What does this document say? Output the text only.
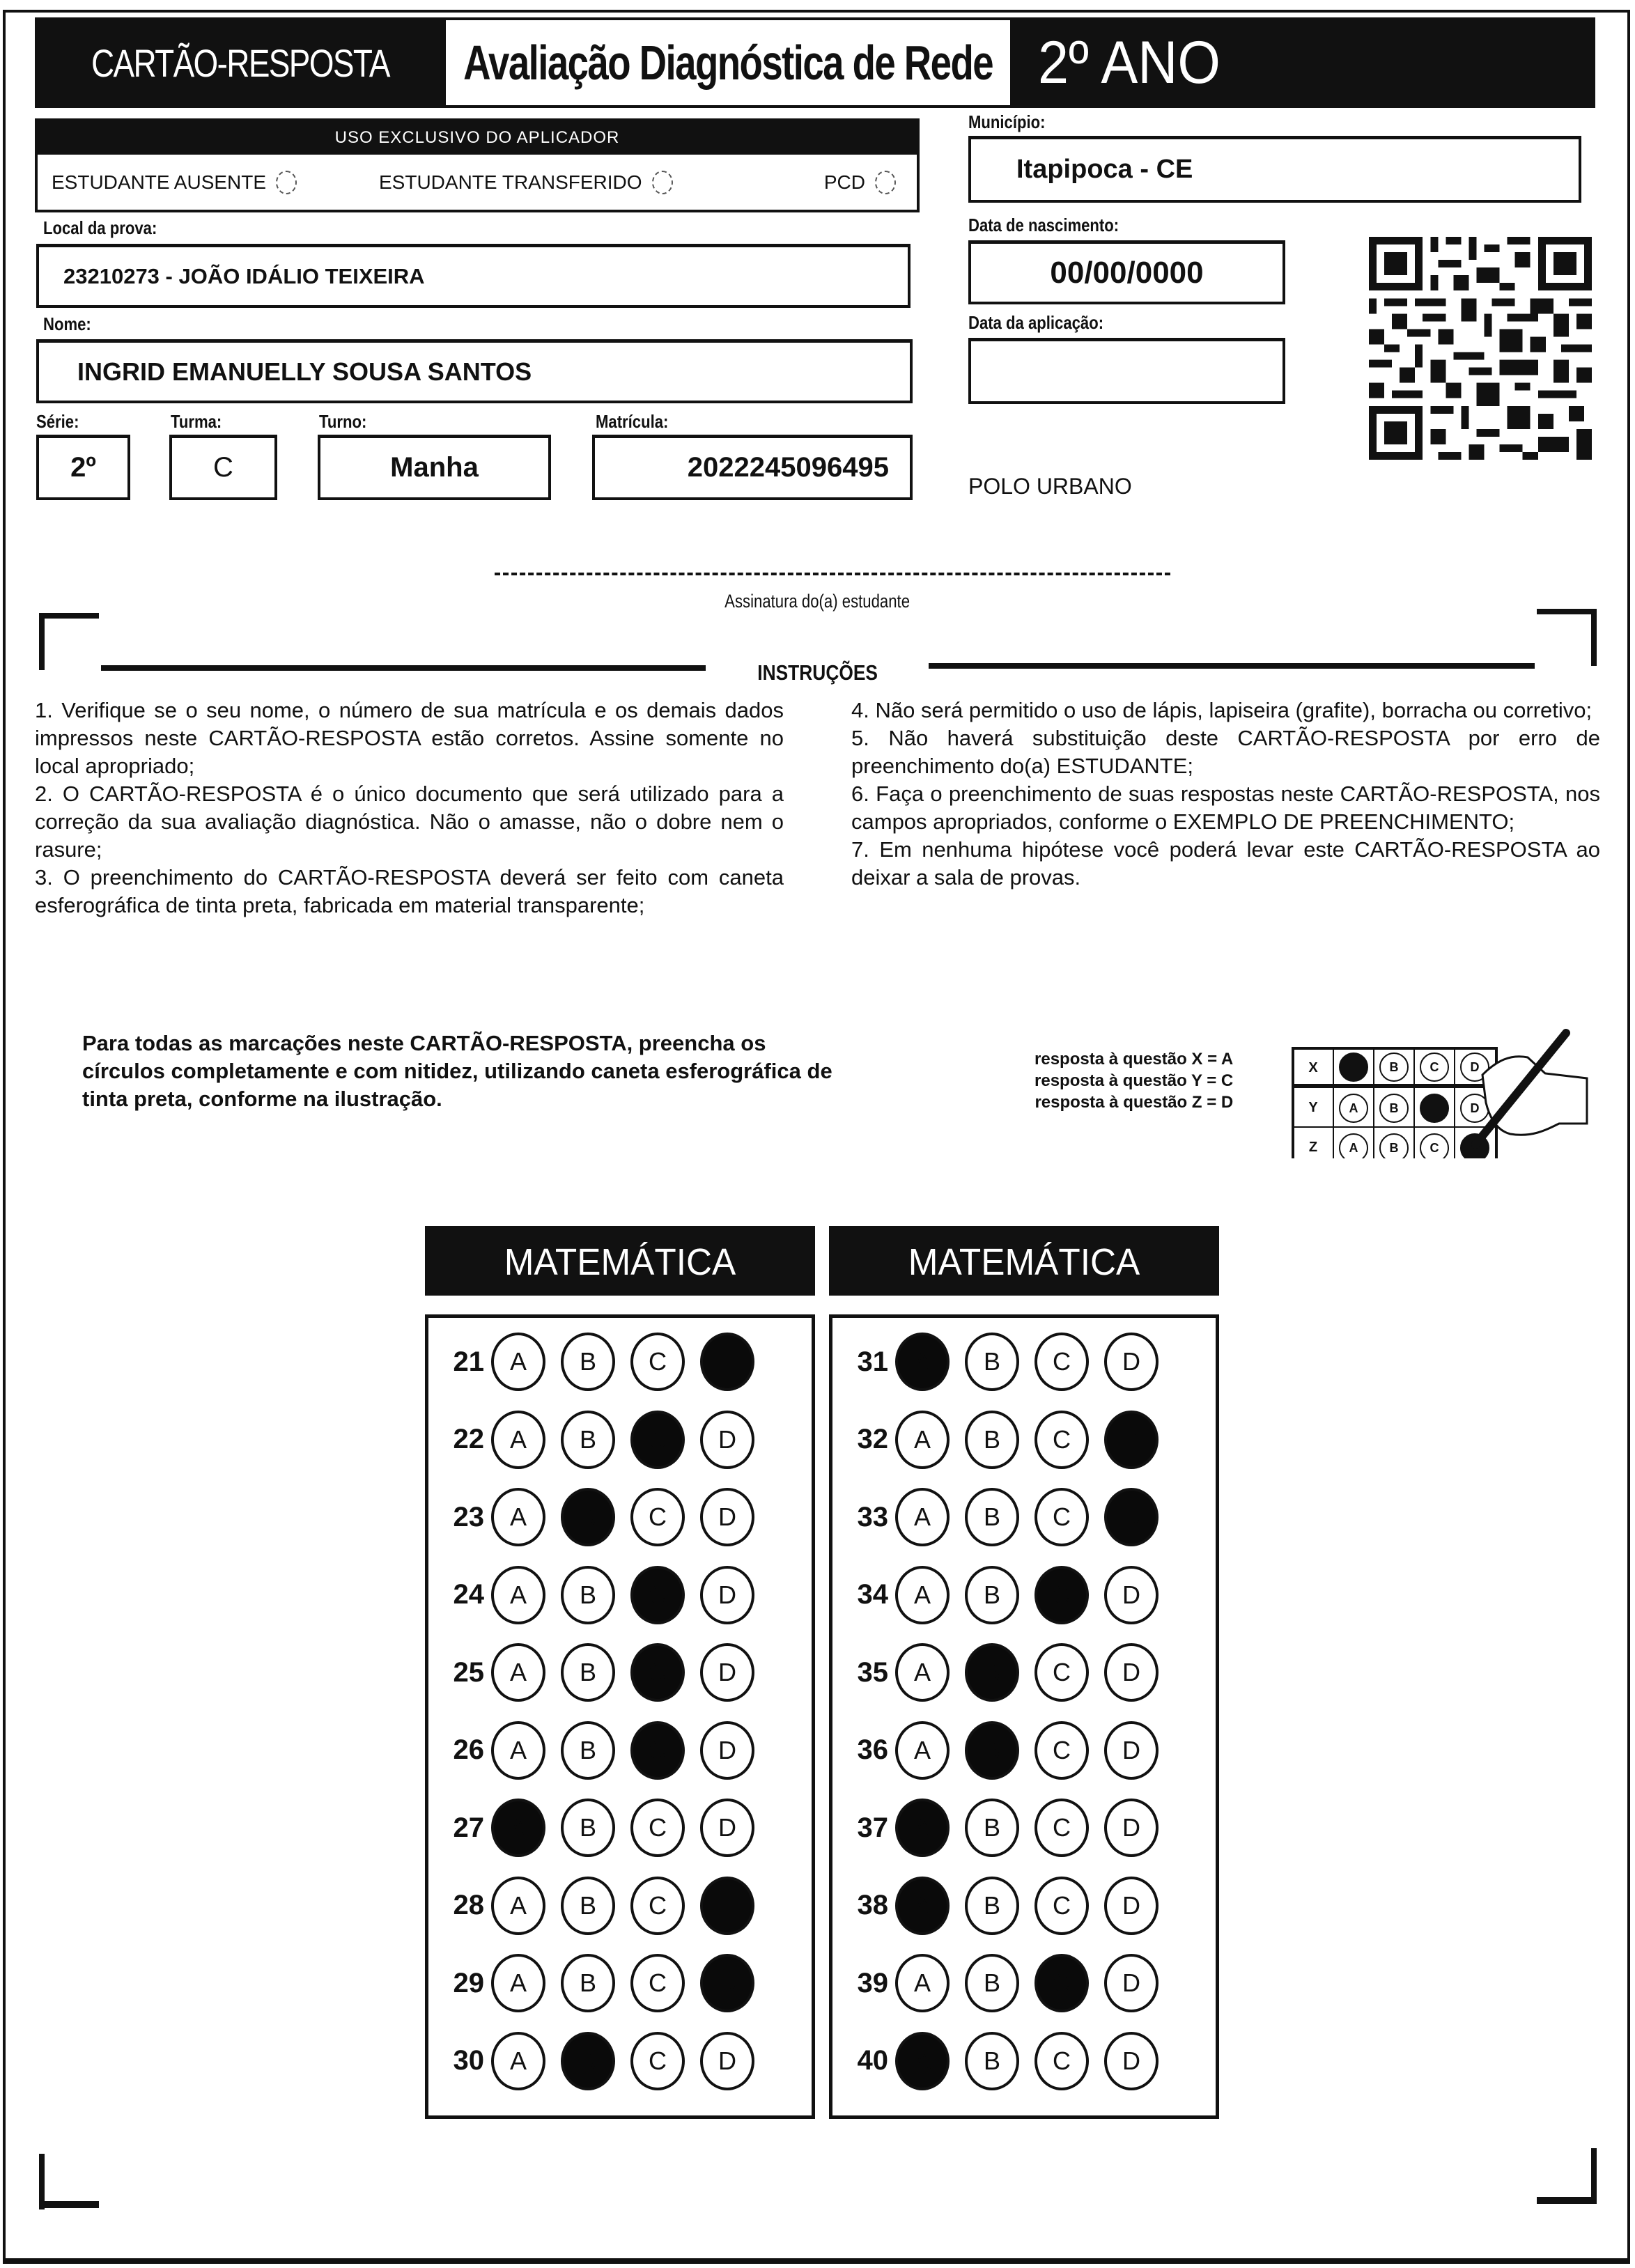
CARTÃO-RESPOSTA Avaliação Diagnóstica de Rede 2º ANO
USO EXCLUSIVO DO APLICADOR
ESTUDANTE AUSENTE	ESTUDANTE TRANSFERIDO	PCD
Local da prova:
23210273 - JOÃO IDÁLIO TEIXEIRA
Nome:
INGRID EMANUELLY SOUSA SANTOS
Série:	Turma:	Turno:	Matrícula:
2º	C	Manha	2022245096495
Município:
Itapipoca - CE
Data de nascimento:
00/00/0000
Data da aplicação:
POLO URBANO
Assinatura do(a) estudante
INSTRUÇÕES

1. Verifique se o seu nome, o número de sua matrícula e os demais dados impressos neste CARTÃO-RESPOSTA estão corretos. Assine somente no local apropriado;

2. O CARTÃO-RESPOSTA é o único documento que será utilizado para a correção da sua avaliação diagnóstica. Não o amasse, não o dobre nem o rasure;

3. O preenchimento do CARTÃO-RESPOSTA deverá ser feito com caneta esferográfica de tinta preta, fabricada em material transparente;

4. Não será permitido o uso de lápis, lapiseira (grafite), borracha ou corretivo;

5. Não haverá substituição deste CARTÃO-RESPOSTA por erro de preenchimento do(a) ESTUDANTE;

6. Faça o preenchimento de suas respostas neste CARTÃO-RESPOSTA, nos campos apropriados, conforme o EXEMPLO DE PREENCHIMENTO;

7. Em nenhuma hipótese você poderá levar este CARTÃO-RESPOSTA ao deixar a sala de provas.

Para todas as marcações neste CARTÃO-RESPOSTA, preencha os círculos completamente e com nitidez, utilizando caneta esferográfica de tinta preta, conforme na ilustração.
resposta à questão X = A
resposta à questão Y = C
resposta à questão Z = D
X
Y
Z
B	C	D
A	B	D
A	B	C
MATEMÁTICA	MATEMÁTICA
21	A	B	C	D
22	A	B	C	D
23	A	B	C	D
24	A	B	C	D
25	A	B	C	D
26	A	B	C	D
27	A	B	C	D
28	A	B	C	D
29	A	B	C	D
30	A	B	C	D
31	A	B	C	D
32	A	B	C	D
33	A	B	C	D
34	A	B	C	D
35	A	B	C	D
36	A	B	C	D
37	A	B	C	D
38	A	B	C	D
39	A	B	C	D
40	A	B	C	D
